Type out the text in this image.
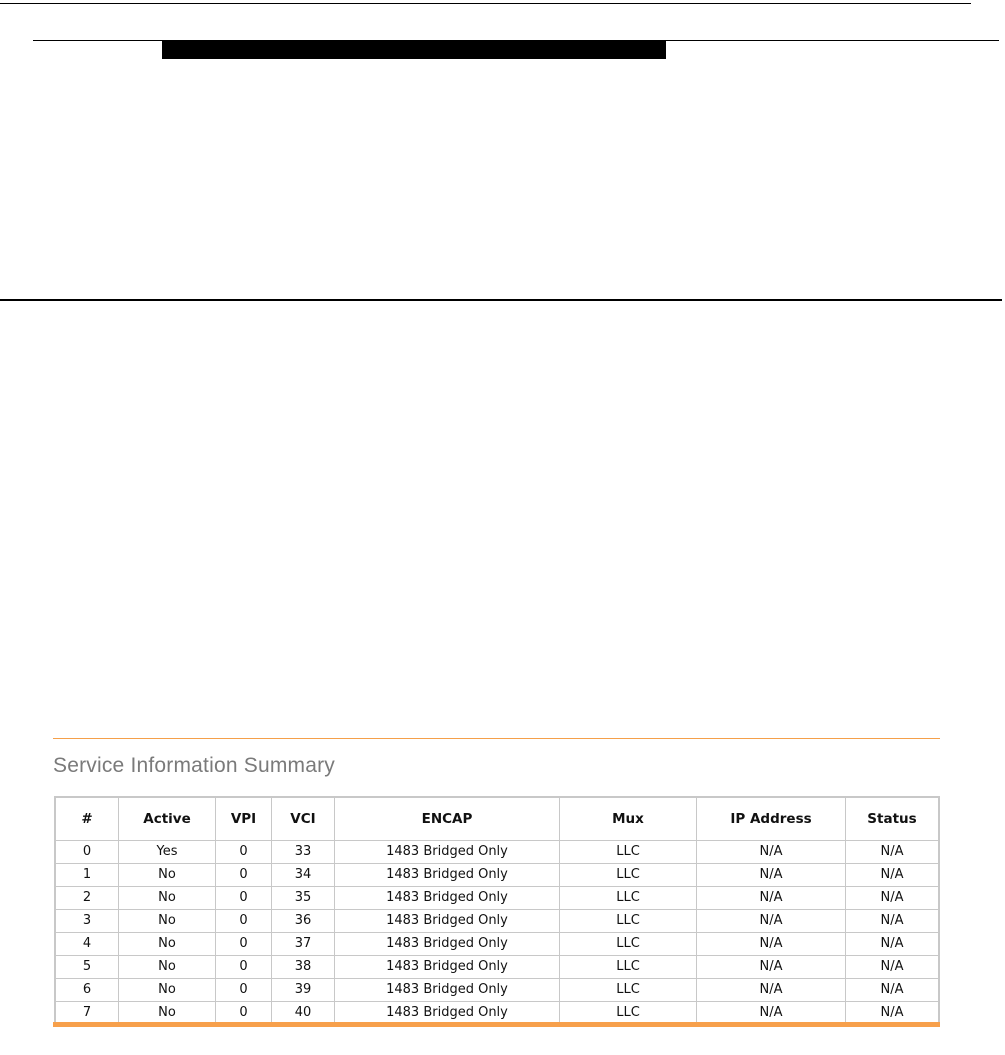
Service Information Summary
#	Active	VPI	VCI	ENCAP	Mux	IP Address	Status
0	Yes	0	33	1483 Bridged Only	LLC	N/A	N/A
1	No	0	34	1483 Bridged Only	LLC	N/A	N/A
2	No	0	35	1483 Bridged Only	LLC	N/A	N/A
3	No	0	36	1483 Bridged Only	LLC	N/A	N/A
4	No	0	37	1483 Bridged Only	LLC	N/A	N/A
5	No	0	38	1483 Bridged Only	LLC	N/A	N/A
6	No	0	39	1483 Bridged Only	LLC	N/A	N/A
7	No	0	40	1483 Bridged Only	LLC	N/A	N/A
